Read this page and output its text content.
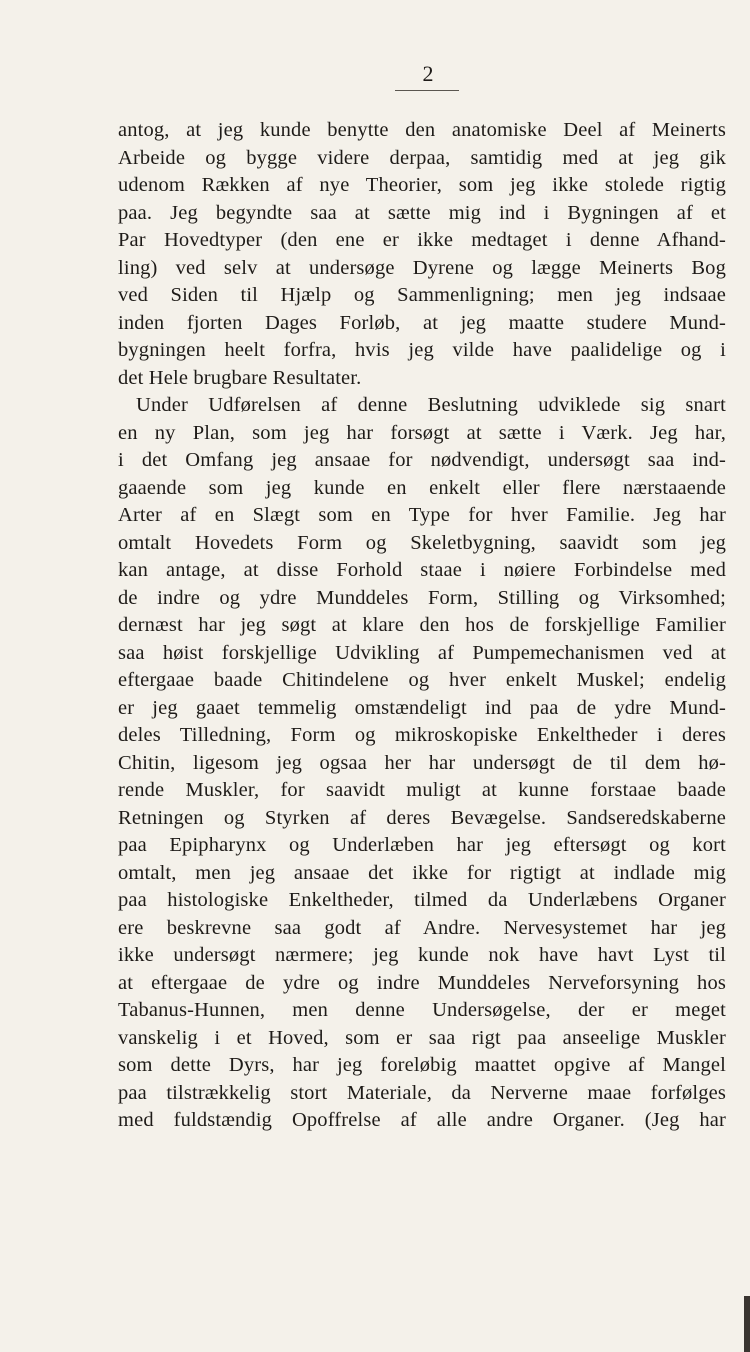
2
antog, at jeg kunde benytte den anatomiske Deel af Meinerts
Arbeide og bygge videre derpaa, samtidig med at jeg gik
udenom Rækken af nye Theorier, som jeg ikke stolede rigtig
paa. Jeg begyndte saa at sætte mig ind i Bygningen af et
Par Hovedtyper (den ene er ikke medtaget i denne Afhand-
ling) ved selv at undersøge Dyrene og lægge Meinerts Bog
ved Siden til Hjælp og Sammenligning; men jeg indsaae
inden fjorten Dages Forløb, at jeg maatte studere Mund-
bygningen heelt forfra, hvis jeg vilde have paalidelige og i
det Hele brugbare Resultater.
Under Udførelsen af denne Beslutning udviklede sig snart
en ny Plan, som jeg har forsøgt at sætte i Værk. Jeg har,
i det Omfang jeg ansaae for nødvendigt, undersøgt saa ind-
gaaende som jeg kunde en enkelt eller flere nærstaaende
Arter af en Slægt som en Type for hver Familie. Jeg har
omtalt Hovedets Form og Skeletbygning, saavidt som jeg
kan antage, at disse Forhold staae i nøiere Forbindelse med
de indre og ydre Munddeles Form, Stilling og Virksomhed;
dernæst har jeg søgt at klare den hos de forskjellige Familier
saa høist forskjellige Udvikling af Pumpemechanismen ved at
eftergaae baade Chitindelene og hver enkelt Muskel; endelig
er jeg gaaet temmelig omstændeligt ind paa de ydre Mund-
deles Tilledning, Form og mikroskopiske Enkeltheder i deres
Chitin, ligesom jeg ogsaa her har undersøgt de til dem hø-
rende Muskler, for saavidt muligt at kunne forstaae baade
Retningen og Styrken af deres Bevægelse. Sandseredskaberne
paa Epipharynx og Underlæben har jeg eftersøgt og kort
omtalt, men jeg ansaae det ikke for rigtigt at indlade mig
paa histologiske Enkeltheder, tilmed da Underlæbens Organer
ere beskrevne saa godt af Andre. Nervesystemet har jeg
ikke undersøgt nærmere; jeg kunde nok have havt Lyst til
at eftergaae de ydre og indre Munddeles Nerveforsyning hos
Tabanus-Hunnen, men denne Undersøgelse, der er meget
vanskelig i et Hoved, som er saa rigt paa anseelige Muskler
som dette Dyrs, har jeg foreløbig maattet opgive af Mangel
paa tilstrækkelig stort Materiale, da Nerverne maae forfølges
med fuldstændig Opoffrelse af alle andre Organer. (Jeg har
